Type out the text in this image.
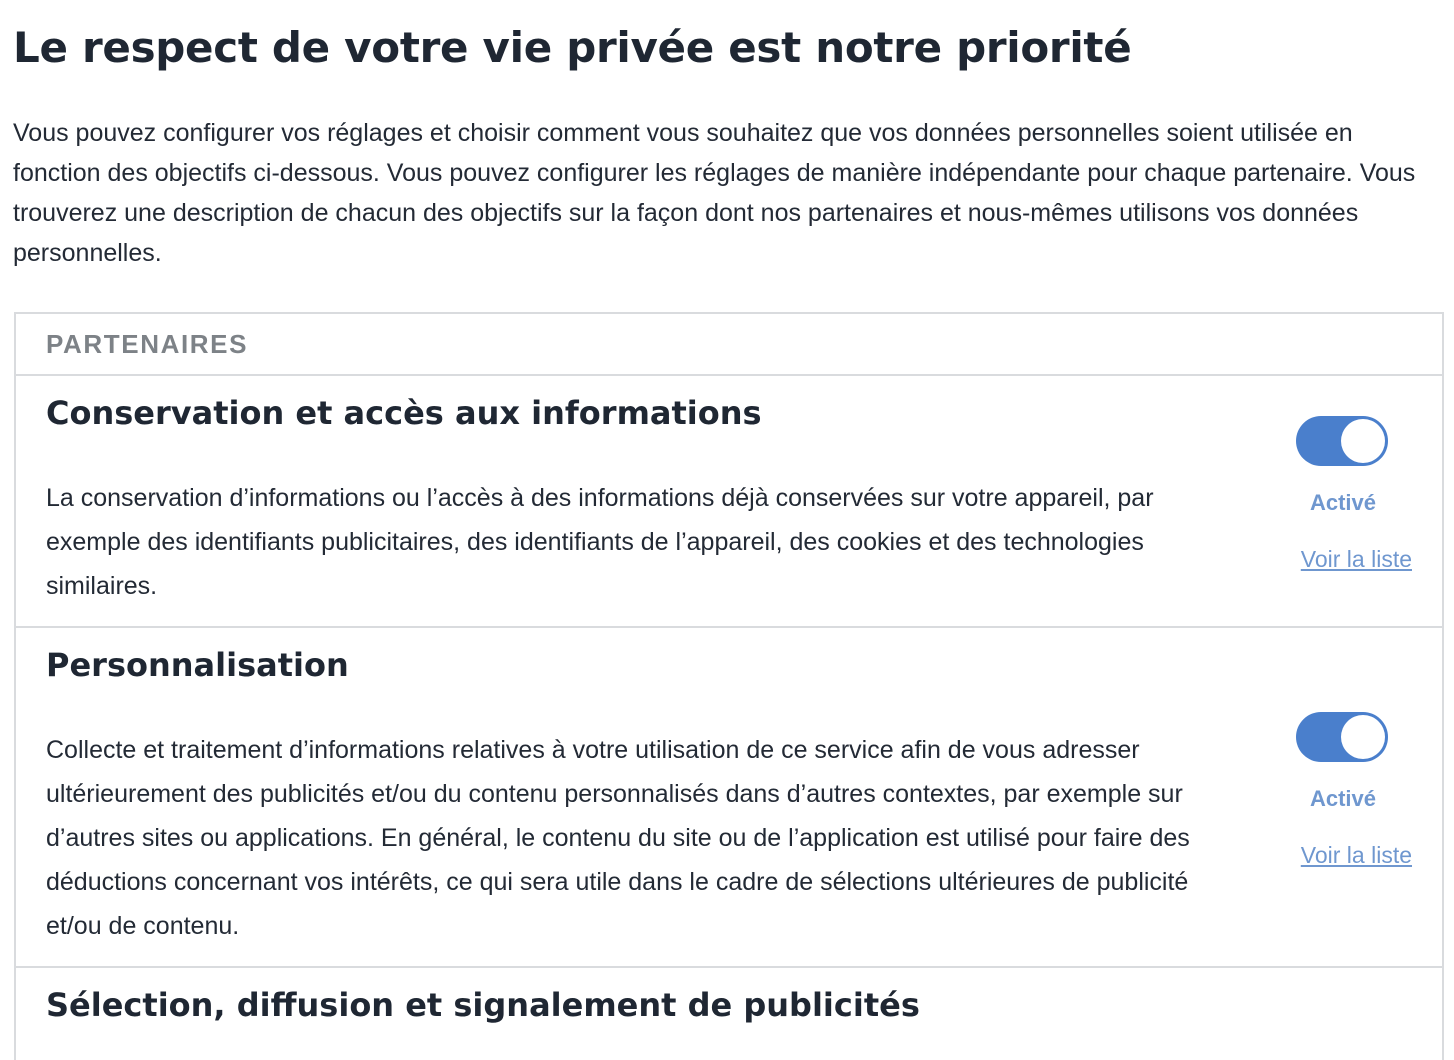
Le respect de votre vie privée est notre priorité

Vous pouvez configurer vos réglages et choisir comment vous souhaitez que vos données personnelles soient utilisée en fonction des objectifs ci-dessous. Vous pouvez configurer les réglages de manière indépendante pour chaque partenaire. Vous trouverez une description de chacun des objectifs sur la façon dont nos partenaires et nous-mêmes utilisons vos données personnelles.

PARTENAIRES
Conservation et accès aux informations

La conservation d’informations ou l’accès à des informations déjà conservées sur votre appareil, par exemple des identifiants publicitaires, des identifiants de l’appareil, des cookies et des technologies similaires.

Activé
Voir la liste
Personnalisation

Collecte et traitement d’informations relatives à votre utilisation de ce service afin de vous adresser ultérieurement des publicités et/ou du contenu personnalisés dans d’autres contextes, par exemple sur d’autres sites ou applications. En général, le contenu du site ou de l’application est utilisé pour faire des déductions concernant vos intérêts, ce qui sera utile dans le cadre de sélections ultérieures de publicité et/ou de contenu.

Activé
Voir la liste
Sélection, diffusion et signalement de publicités
